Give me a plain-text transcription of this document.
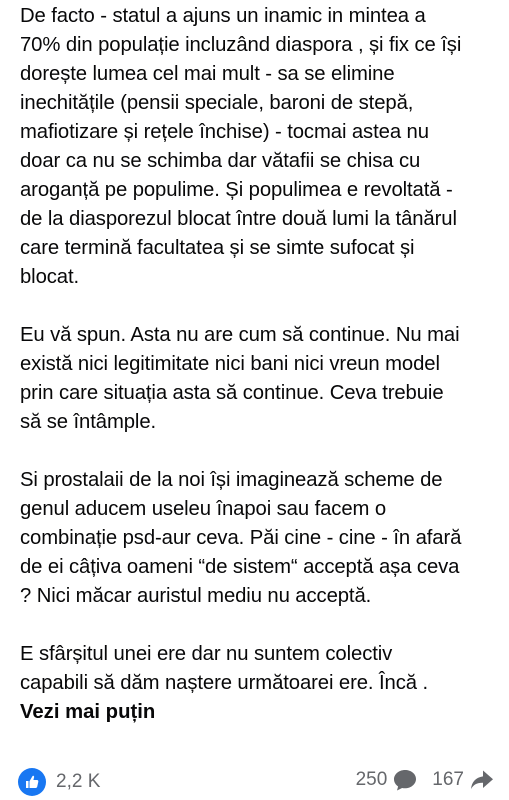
De facto - statul a ajuns un inamic in mintea a
70% din populație incluzând diaspora , și fix ce își
dorește lumea cel mai mult - sa se elimine
inechitățile (pensii speciale, baroni de stepă,
mafiotizare și rețele închise) - tocmai astea nu
doar ca nu se schimba dar vătafii se chisa cu
aroganță pe populime. Și populimea e revoltată -
de la diasporezul blocat între două lumi la tânărul
care termină facultatea și se simte sufocat și
blocat.
Eu vă spun. Asta nu are cum să continue. Nu mai
există nici legitimitate nici bani nici vreun model
prin care situația asta să continue. Ceva trebuie
să se întâmple.
Si prostalaii de la noi își imaginează scheme de
genul aducem useleu înapoi sau facem o
combinație psd-aur ceva. Păi cine - cine - în afară
de ei câțiva oameni “de sistem“ acceptă așa ceva
? Nici măcar auristul mediu nu acceptă.
E sfârșitul unei ere dar nu suntem colectiv
capabili să dăm naștere următoarei ere. Încă .
Vezi mai puțin
2,2 K	250 167
